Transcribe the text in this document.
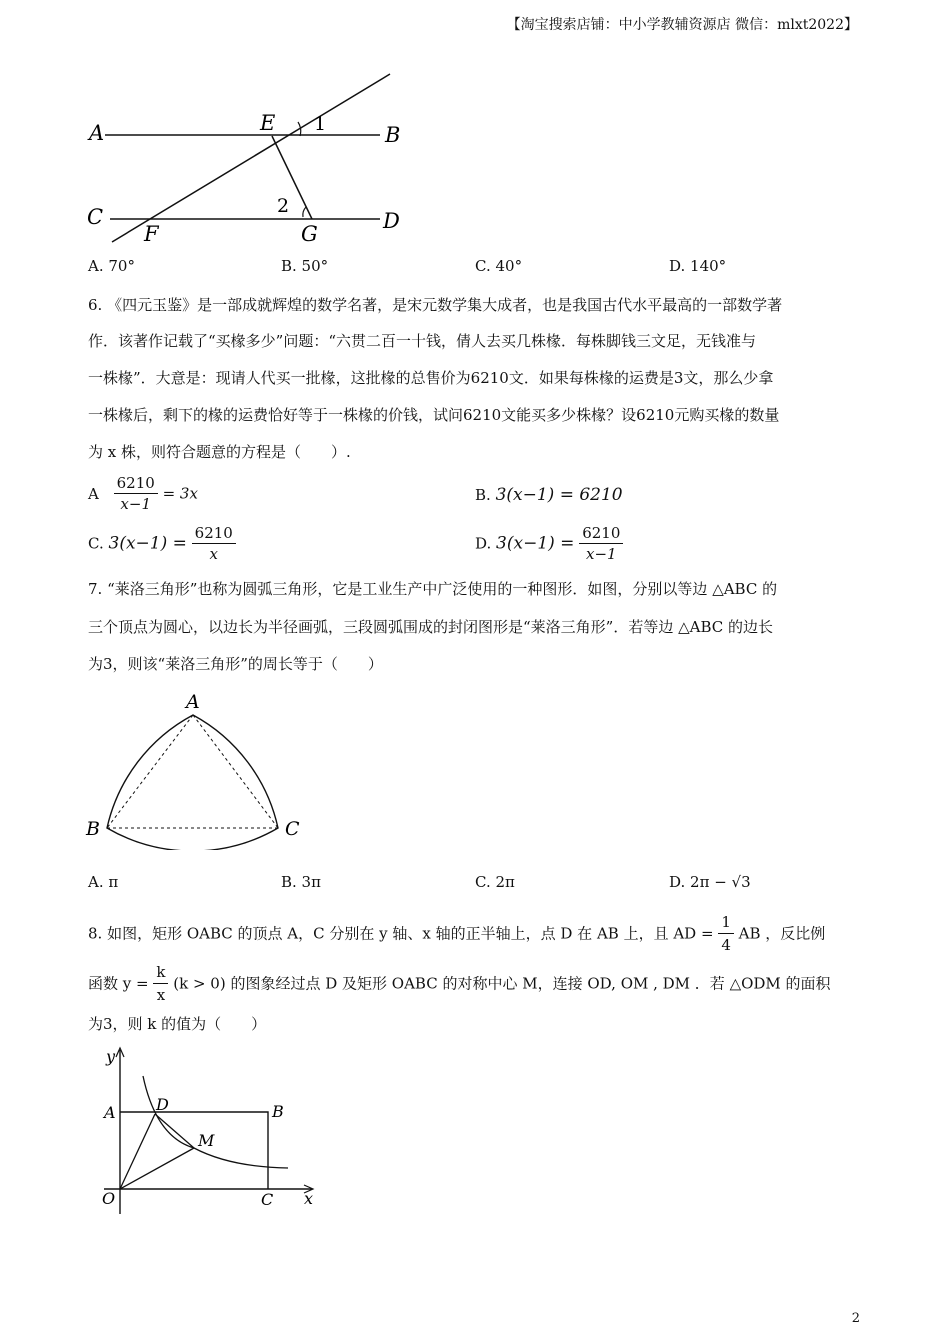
【淘宝搜索店铺：中小学教辅资源店 微信：mlxt2022】
A	E 1	B
C	2
D
F	G
A. 70°	B. 50°	C. 40°	D. 140°
6. 《四元玉鉴》是一部成就辉煌的数学名著，是宋元数学集大成者，也是我国古代水平最高的一部数学著
作．该著作记载了“买椽多少”问题：“六贯二百一十钱，倩人去买几株椽．每株脚钱三文足，无钱准与
一株椽”．大意是：现请人代买一批椽，这批椽的总售价为6210文．如果每株椽的运费是3文，那么少拿
一株椽后，剩下的椽的运费恰好等于一株椽的价钱，试问6210文能买多少株椽？设6210元购买椽的数量
为 x 株，则符合题意的方程是（　　）.
A $\frac{6210}{x-1} = 3x$	B. 3(x−1) = 6210
C. $3(x-1) = \frac{6210}{x}$	D. $3(x-1) = \frac{6210}{x-1}$
7. “莱洛三角形”也称为圆弧三角形，它是工业生产中广泛使用的一种图形．如图，分别以等边 △ABC 的
三个顶点为圆心，以边长为半径画弧，三段圆弧围成的封闭图形是“莱洛三角形”．若等边 △ABC 的边长
为3，则该“莱洛三角形”的周长等于（　　）
A
B	C
A. π	B. 3π	C. 2π	D. 2π − √3
8. 如图，矩形 OABC 的顶点 A，C 分别在 y 轴、x 轴的正半轴上，点 D 在 AB 上，且 AD = $\frac{1}{4}$ AB ，反比例
函数 $y = \frac{k}{x} (k > 0)$ 的图象经过点 D 及矩形 OABC 的对称中心 M，连接 OD, OM , DM ．若 △ODM 的面积
为3，则 k 的值为（　　）
y
A	D	B
M
O	C x
2
